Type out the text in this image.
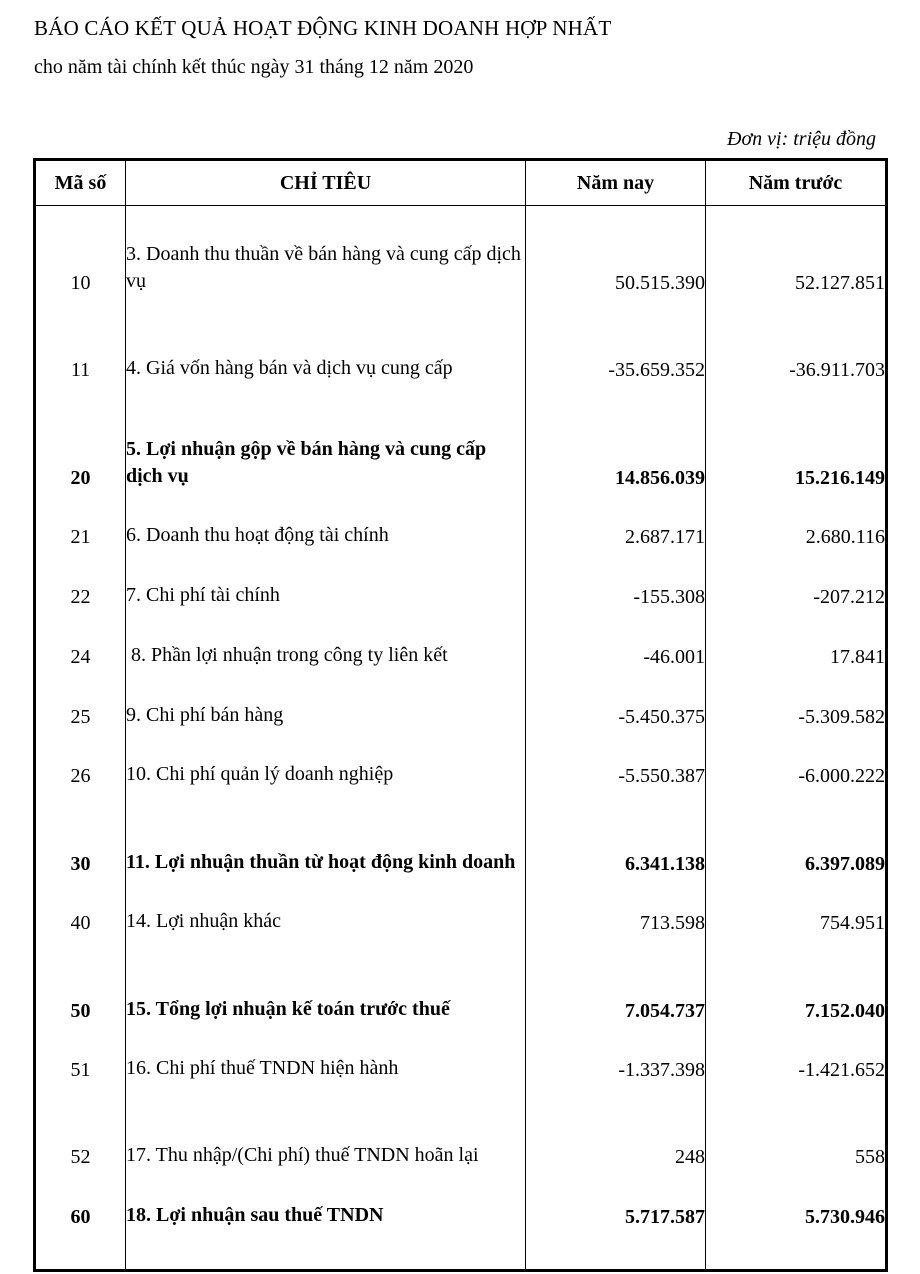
BÁO CÁO KẾT QUẢ HOẠT ĐỘNG KINH DOANH HỢP NHẤT
cho năm tài chính kết thúc ngày 31 tháng 12 năm 2020
Đơn vị: triệu đồng
Mã số	CHỈ TIÊU	Năm nay	Năm trước

10	3. Doanh thu thuần về bán hàng và cung cấp dịch vụ	50.515.390	52.127.851
11	4. Giá vốn hàng bán và dịch vụ cung cấp	-35.659.352	-36.911.703
20	5. Lợi nhuận gộp về bán hàng và cung cấp dịch vụ	14.856.039	15.216.149
21	6. Doanh thu hoạt động tài chính	2.687.171	2.680.116
22	7. Chi phí tài chính	-155.308	-207.212
24	8. Phần lợi nhuận trong công ty liên kết	-46.001	17.841
25	9. Chi phí bán hàng	-5.450.375	-5.309.582
26	10. Chi phí quản lý doanh nghiệp	-5.550.387	-6.000.222
30	11. Lợi nhuận thuần từ hoạt động kinh doanh	6.341.138	6.397.089
40	14. Lợi nhuận khác	713.598	754.951
50	15. Tổng lợi nhuận kế toán trước thuế	7.054.737	7.152.040
51	16. Chi phí thuế TNDN hiện hành	-1.337.398	-1.421.652
52	17. Thu nhập/(Chi phí) thuế TNDN hoãn lại	248	558
60	18. Lợi nhuận sau thuế TNDN	5.717.587	5.730.946
